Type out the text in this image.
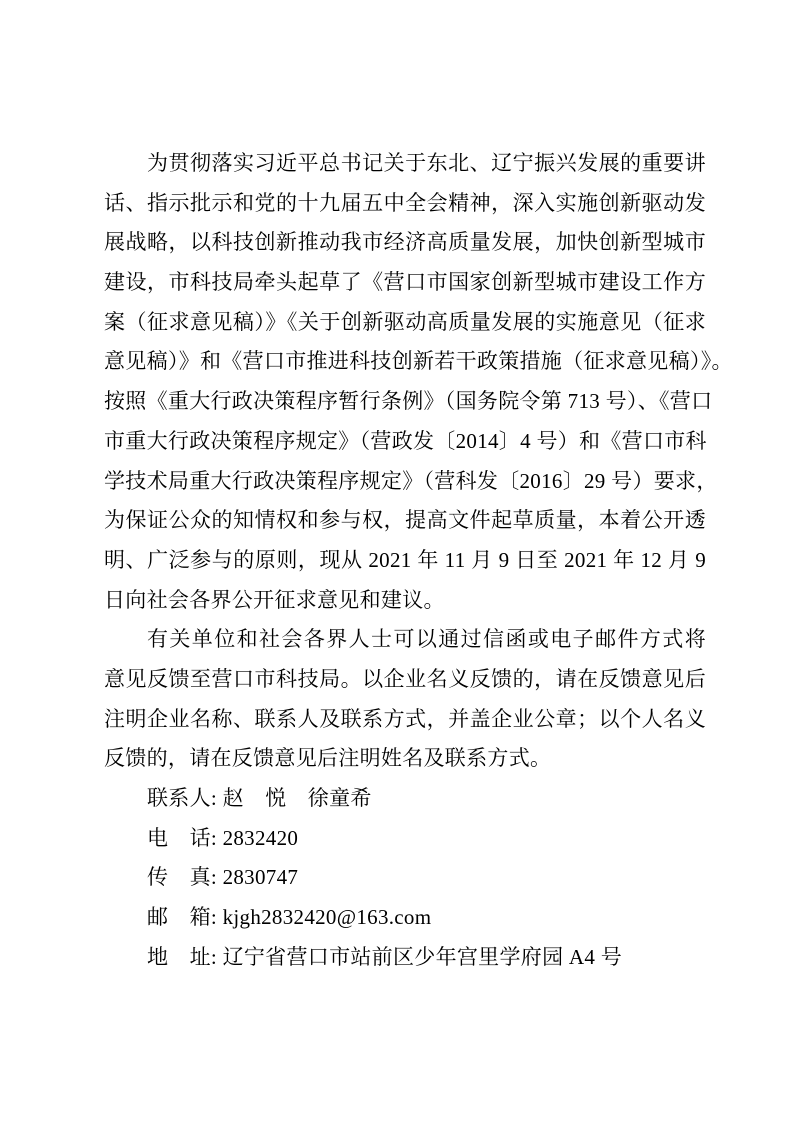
为贯彻落实习近平总书记关于东北、辽宁振兴发展的重要讲
话、指示批示和党的十九届五中全会精神，深入实施创新驱动发
展战略，以科技创新推动我市经济高质量发展，加快创新型城市
建设，市科技局牵头起草了《营口市国家创新型城市建设工作方
案（征求意见稿）》《关于创新驱动高质量发展的实施意见（征求
意见稿）》和《营口市推进科技创新若干政策措施（征求意见稿）》。
按照《重大行政决策程序暂行条例》（国务院令第 713 号）、《营口
市重大行政决策程序规定》（营政发〔2014〕4 号）和《营口市科
学技术局重大行政决策程序规定》（营科发〔2016〕29 号）要求，
为保证公众的知情权和参与权，提高文件起草质量，本着公开透
明、广泛参与的原则，现从 2021 年 11 月 9 日至 2021 年 12 月 9
日向社会各界公开征求意见和建议。
有关单位和社会各界人士可以通过信函或电子邮件方式将
意见反馈至营口市科技局。以企业名义反馈的，请在反馈意见后
注明企业名称、联系人及联系方式，并盖企业公章；以个人名义
反馈的，请在反馈意见后注明姓名及联系方式。
联系人: 赵　悦　徐童希
电　话: 2832420
传　真: 2830747
邮　箱: kjgh2832420@163.com
地　址: 辽宁省营口市站前区少年宫里学府园 A4 号
